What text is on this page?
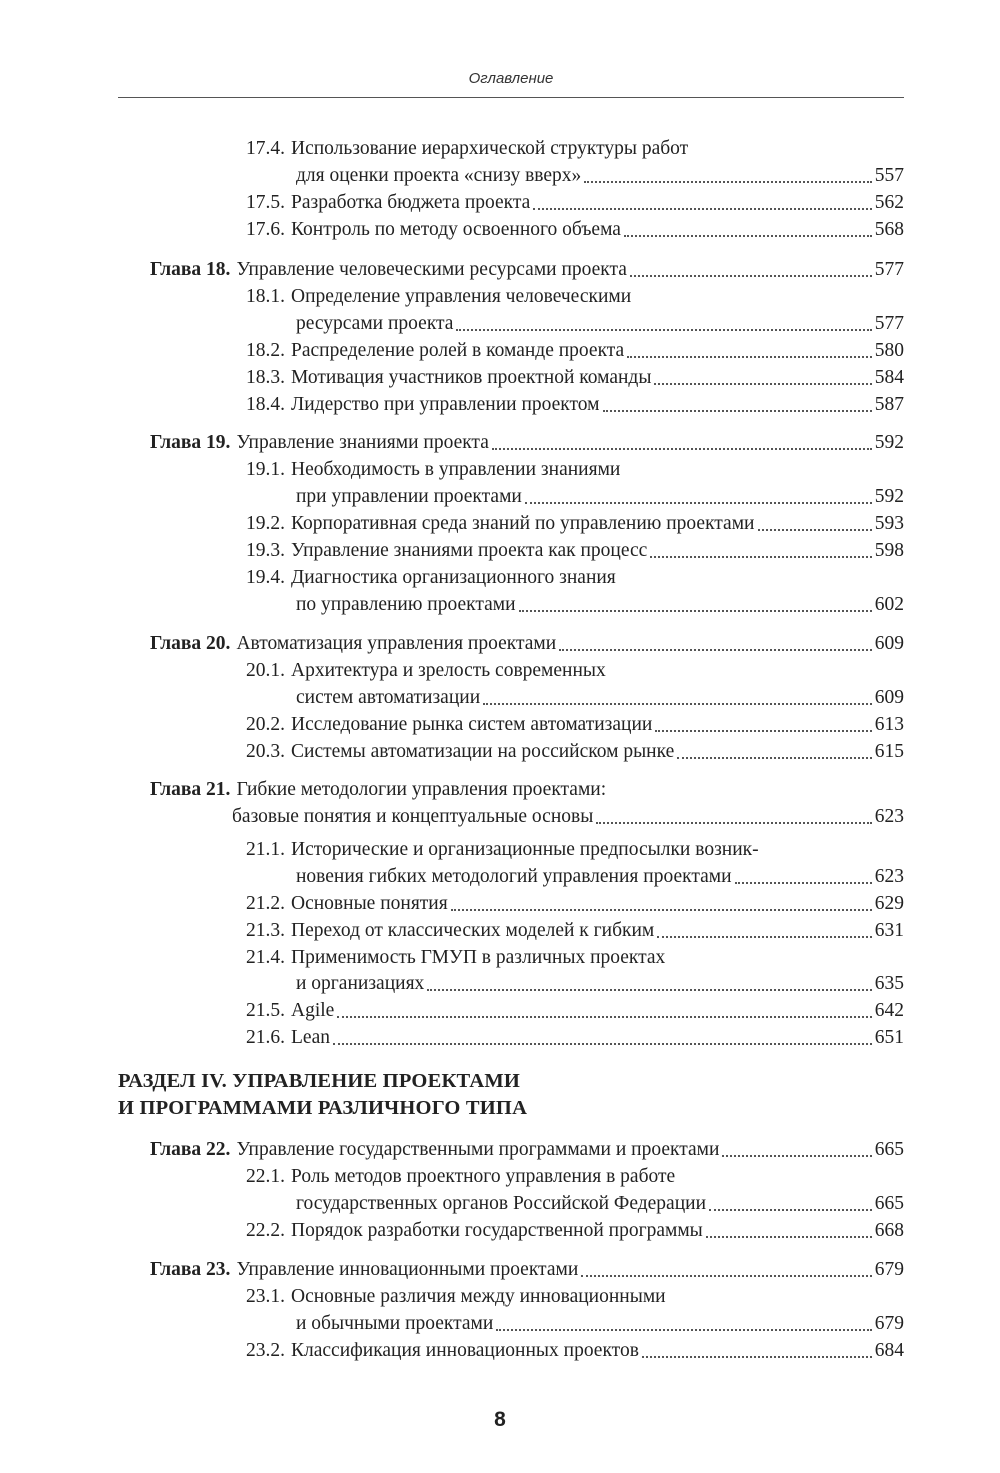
Оглавление
17.4. Использование иерархической структуры работ
для оценки проекта «снизу вверх»	557
17.5. Разработка бюджета проекта	562
17.6. Контроль по методу освоенного объема	568
Глава 18. Управление человеческими ресурсами проекта	577
18.1. Определение управления человеческими
ресурсами проекта	577
18.2. Распределение ролей в команде проекта	580
18.3. Мотивация участников проектной команды	584
18.4. Лидерство при управлении проектом	587
Глава 19. Управление знаниями проекта	592
19.1. Необходимость в управлении знаниями
при управлении проектами	592
19.2. Корпоративная среда знаний по управлению проектами	593
19.3. Управление знаниями проекта как процесс	598
19.4. Диагностика организационного знания
по управлению проектами	602
Глава 20. Автоматизация управления проектами	609
20.1. Архитектура и зрелость современных
систем автоматизации	609
20.2. Исследование рынка систем автоматизации	613
20.3. Системы автоматизации на российском рынке	615
Глава 21. Гибкие методологии управления проектами:
базовые понятия и концептуальные основы	623
21.1. Исторические и организационные предпосылки возник-
новения гибких методологий управления проектами	623
21.2. Основные понятия	629
21.3. Переход от классических моделей к гибким	631
21.4. Применимость ГМУП в различных проектах
и организациях	635
21.5. Agile	642
21.6. Lean	651
РАЗДЕЛ IV. УПРАВЛЕНИЕ ПРОЕКТАМИ
И ПРОГРАММАМИ РАЗЛИЧНОГО ТИПА
Глава 22. Управление государственными программами и проектами	665
22.1. Роль методов проектного управления в работе
государственных органов Российской Федерации	665
22.2. Порядок разработки государственной программы	668
Глава 23. Управление инновационными проектами	679
23.1. Основные различия между инновационными
и обычными проектами	679
23.2. Классификация инновационных проектов	684
8
